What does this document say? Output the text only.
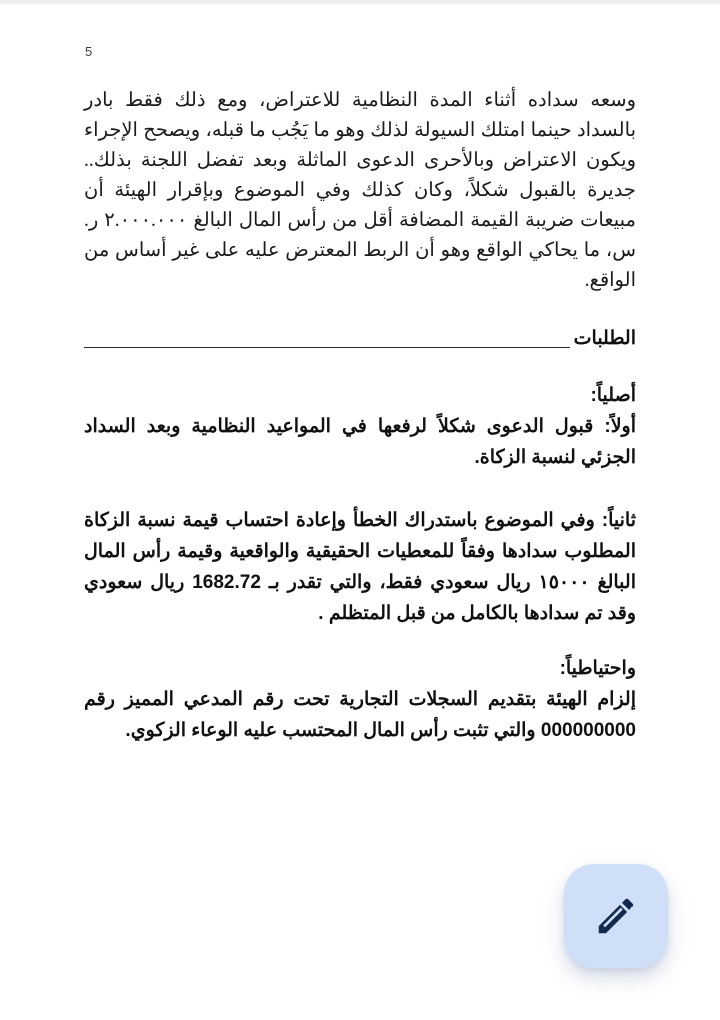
5

وسعه سداده أثناء المدة النظامية للاعتراض، ومع ذلك فقط بادر بالسداد حينما امتلك السيولة لذلك وهو ما يَجُب ما قبله، ويصحح الإجراء ويكون الاعتراض وبالأحرى الدعوى الماثلة وبعد تفضل اللجنة بذلك.. جديرة بالقبول شكلاً، وكان كذلك وفي الموضوع وبإقرار الهيئة أن مبيعات ضريبة القيمة المضافة أقل من رأس المال البالغ ٢.٠٠٠.٠٠٠ ر. س، ما يحاكي الواقع وهو أن الربط المعترض عليه على غير أساس من الواقع.

الطلبات

أصلياً:

أولاً: قبول الدعوى شكلاً لرفعها في المواعيد النظامية وبعد السداد الجزئي لنسبة الزكاة.

ثانياً: وفي الموضوع باستدراك الخطأ وإعادة احتساب قيمة نسبة الزكاة المطلوب سدادها وفقاً للمعطيات الحقيقية والواقعية وقيمة رأس المال البالغ ١٥٠٠٠ ريال سعودي فقط، والتي تقدر بـ 1682.72 ريال سعودي وقد تم سدادها بالكامل من قبل المتظلم .

واحتياطياً:

إلزام الهيئة بتقديم السجلات التجارية تحت رقم المدعي المميز رقم 000000000 والتي تثبت رأس المال المحتسب عليه الوعاء الزكوي.
